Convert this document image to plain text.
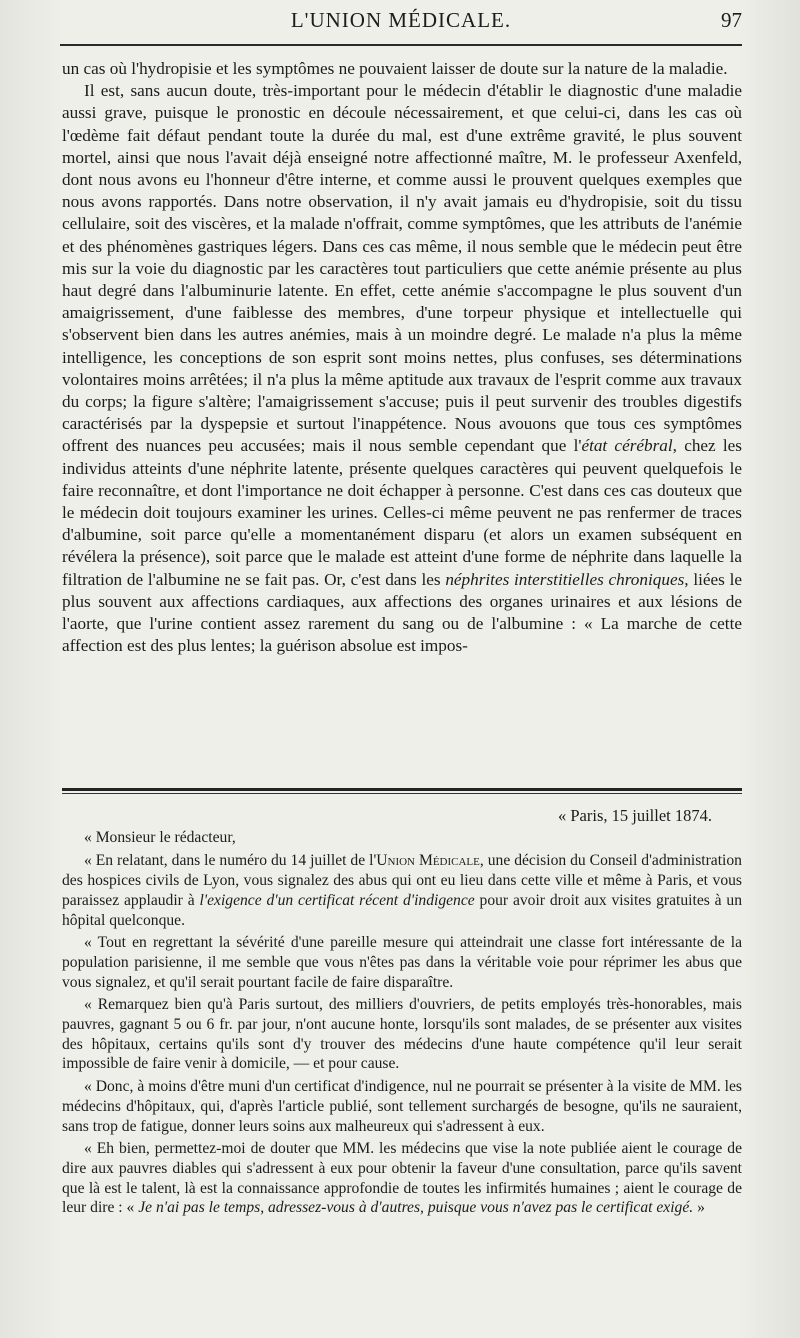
L'UNION MÉDICALE.	97

un cas où l'hydropisie et les symptômes ne pouvaient laisser de doute sur la nature de la maladie.

Il est, sans aucun doute, très-important pour le médecin d'établir le diagnostic d'une maladie aussi grave, puisque le pronostic en découle nécessairement, et que celui-ci, dans les cas où l'œdème fait défaut pendant toute la durée du mal, est d'une extrême gravité, le plus souvent mortel, ainsi que nous l'avait déjà enseigné notre affectionné maître, M. le professeur Axenfeld, dont nous avons eu l'honneur d'être interne, et comme aussi le prouvent quelques exemples que nous avons rapportés. Dans notre observation, il n'y avait jamais eu d'hydropisie, soit du tissu cellulaire, soit des viscères, et la malade n'offrait, comme symptômes, que les attributs de l'anémie et des phénomènes gastriques légers. Dans ces cas même, il nous semble que le médecin peut être mis sur la voie du diagnostic par les caractères tout particuliers que cette anémie présente au plus haut degré dans l'albuminurie latente. En effet, cette anémie s'accompagne le plus souvent d'un amaigrissement, d'une faiblesse des membres, d'une torpeur physique et intellectuelle qui s'observent bien dans les autres anémies, mais à un moindre degré. Le malade n'a plus la même intelligence, les conceptions de son esprit sont moins nettes, plus confuses, ses déterminations volontaires moins arrêtées; il n'a plus la même aptitude aux travaux de l'esprit comme aux travaux du corps; la figure s'altère; l'amaigrissement s'accuse; puis il peut survenir des troubles digestifs caractérisés par la dyspepsie et surtout l'inappétence. Nous avouons que tous ces symptômes offrent des nuances peu accusées; mais il nous semble cependant que l'état cérébral, chez les individus atteints d'une néphrite latente, présente quelques caractères qui peuvent quelquefois le faire reconnaître, et dont l'importance ne doit échapper à personne. C'est dans ces cas douteux que le médecin doit toujours examiner les urines. Celles-ci même peuvent ne pas renfermer de traces d'albumine, soit parce qu'elle a momentanément disparu (et alors un examen subséquent en révélera la présence), soit parce que le malade est atteint d'une forme de néphrite dans laquelle la filtration de l'albumine ne se fait pas. Or, c'est dans les néphrites interstitielles chroniques, liées le plus souvent aux affections cardiaques, aux affections des organes urinaires et aux lésions de l'aorte, que l'urine contient assez rarement du sang ou de l'albumine : « La marche de cette affection est des plus lentes; la guérison absolue est impos-

« Paris, 15 juillet 1874.

« Monsieur le rédacteur,

« En relatant, dans le numéro du 14 juillet de l'Union Médicale, une décision du Conseil d'administration des hospices civils de Lyon, vous signalez des abus qui ont eu lieu dans cette ville et même à Paris, et vous paraissez applaudir à l'exigence d'un certificat récent d'indigence pour avoir droit aux visites gratuites à un hôpital quelconque.

« Tout en regrettant la sévérité d'une pareille mesure qui atteindrait une classe fort intéressante de la population parisienne, il me semble que vous n'êtes pas dans la véritable voie pour réprimer les abus que vous signalez, et qu'il serait pourtant facile de faire disparaître.

« Remarquez bien qu'à Paris surtout, des milliers d'ouvriers, de petits employés très-honorables, mais pauvres, gagnant 5 ou 6 fr. par jour, n'ont aucune honte, lorsqu'ils sont malades, de se présenter aux visites des hôpitaux, certains qu'ils sont d'y trouver des médecins d'une haute compétence qu'il leur serait impossible de faire venir à domicile, — et pour cause.

« Donc, à moins d'être muni d'un certificat d'indigence, nul ne pourrait se présenter à la visite de MM. les médecins d'hôpitaux, qui, d'après l'article publié, sont tellement surchargés de besogne, qu'ils ne sauraient, sans trop de fatigue, donner leurs soins aux malheureux qui s'adressent à eux.

« Eh bien, permettez-moi de douter que MM. les médecins que vise la note publiée aient le courage de dire aux pauvres diables qui s'adressent à eux pour obtenir la faveur d'une consultation, parce qu'ils savent que là est le talent, là est la connaissance approfondie de toutes les infirmités humaines ; aient le courage de leur dire : « Je n'ai pas le temps, adressez-vous à d'autres, puisque vous n'avez pas le certificat exigé. »
